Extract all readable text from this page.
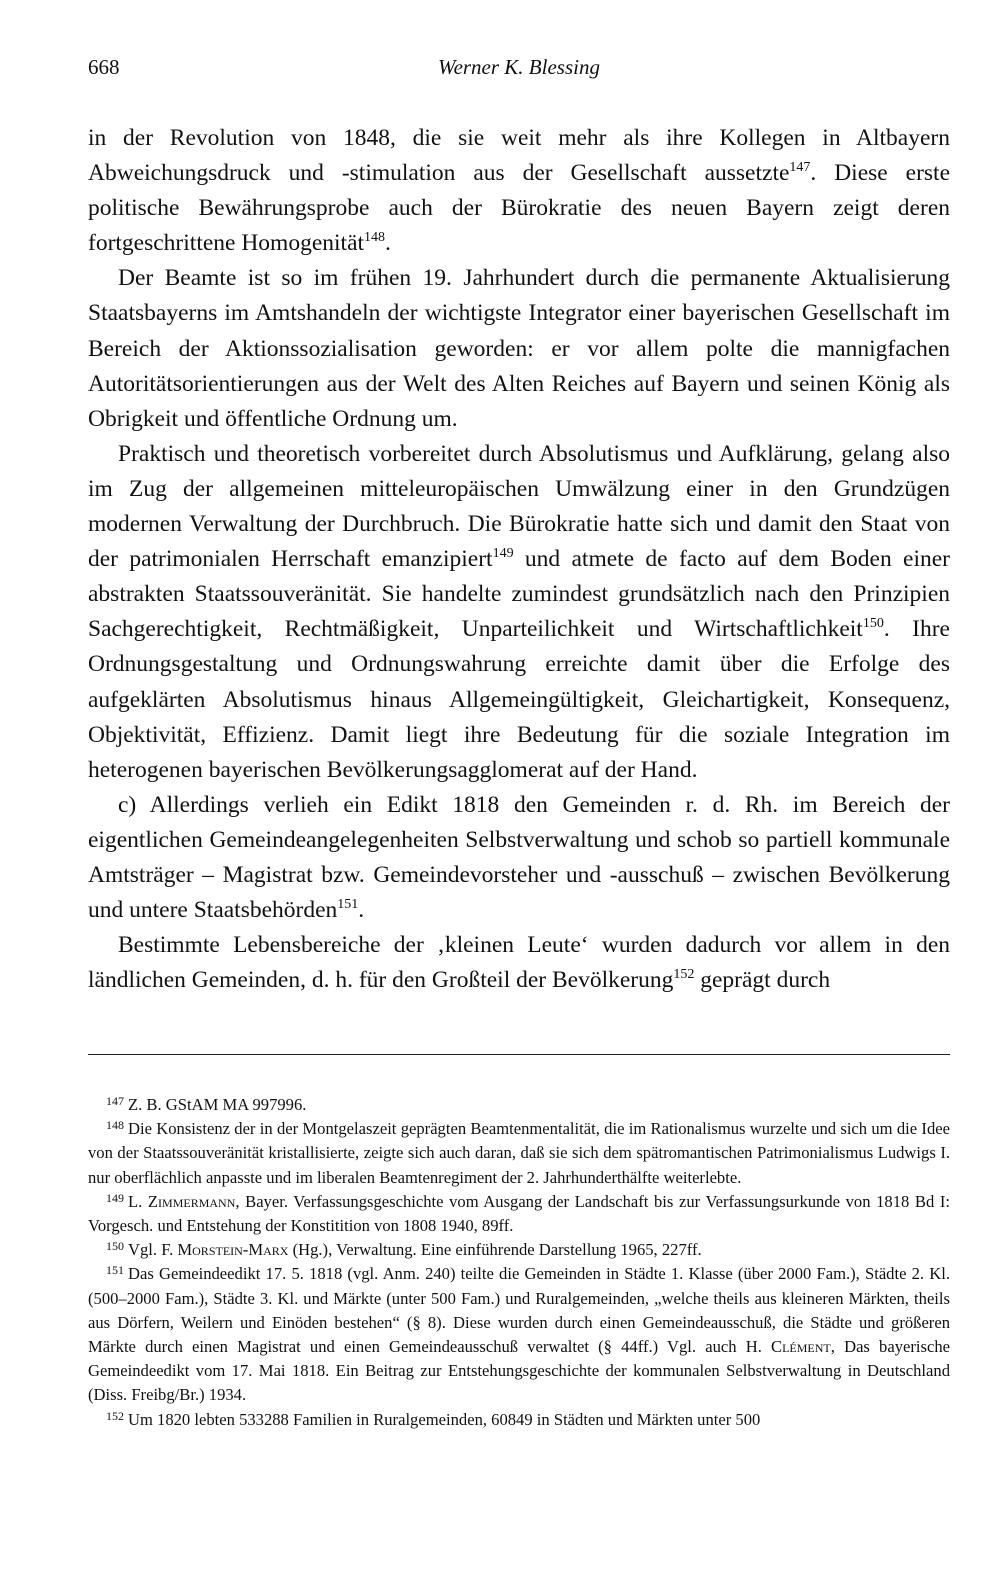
668	Werner K. Blessing

in der Revolution von 1848, die sie weit mehr als ihre Kollegen in Altbayern Abweichungsdruck und -stimulation aus der Gesellschaft aussetzte$^{147}$. Diese erste politische Bewährungsprobe auch der Bürokratie des neuen Bayern zeigt deren fortgeschrittene Homogenität$^{148}$.

Der Beamte ist so im frühen 19. Jahrhundert durch die permanente Aktualisierung Staatsbayerns im Amtshandeln der wichtigste Integrator einer bayerischen Gesellschaft im Bereich der Aktionssozialisation geworden: er vor allem polte die mannigfachen Autoritätsorientierungen aus der Welt des Alten Reiches auf Bayern und seinen König als Obrigkeit und öffentliche Ordnung um.

Praktisch und theoretisch vorbereitet durch Absolutismus und Aufklärung, gelang also im Zug der allgemeinen mitteleuropäischen Umwälzung einer in den Grundzügen modernen Verwaltung der Durchbruch. Die Bürokratie hatte sich und damit den Staat von der patrimonialen Herrschaft emanzipiert$^{149}$ und atmete de facto auf dem Boden einer abstrakten Staatssouveränität. Sie handelte zumindest grundsätzlich nach den Prinzipien Sachgerechtigkeit, Rechtmäßigkeit, Unparteilichkeit und Wirtschaftlichkeit$^{150}$. Ihre Ordnungsgestaltung und Ordnungswahrung erreichte damit über die Erfolge des aufgeklärten Absolutismus hinaus Allgemeingültigkeit, Gleichartigkeit, Konsequenz, Objektivität, Effizienz. Damit liegt ihre Bedeutung für die soziale Integration im heterogenen bayerischen Bevölkerungsagglomerat auf der Hand.

c) Allerdings verlieh ein Edikt 1818 den Gemeinden r. d. Rh. im Bereich der eigentlichen Gemeindeangelegenheiten Selbstverwaltung und schob so partiell kommunale Amtsträger – Magistrat bzw. Gemeindevorsteher und -ausschuß – zwischen Bevölkerung und untere Staatsbehörden$^{151}$.

Bestimmte Lebensbereiche der ‚kleinen Leute‘ wurden dadurch vor allem in den ländlichen Gemeinden, d. h. für den Großteil der Bevölkerung$^{152}$ geprägt durch

$^{147}$ Z. B. GStAM MA 997996.

$^{148}$ Die Konsistenz der in der Montgelaszeit geprägten Beamtenmentalität, die im Rationalismus wurzelte und sich um die Idee von der Staatssouveränität kristallisierte, zeigte sich auch daran, daß sie sich dem spätromantischen Patrimonialismus Ludwigs I. nur oberflächlich anpasste und im liberalen Beamtenregiment der 2. Jahrhunderthälfte weiterlebte.

$^{149}$ L. Zimmermann, Bayer. Verfassungsgeschichte vom Ausgang der Landschaft bis zur Verfassungsurkunde von 1818 Bd I: Vorgesch. und Entstehung der Konstitition von 1808 1940, 89ff.

$^{150}$ Vgl. F. Morstein-Marx (Hg.), Verwaltung. Eine einführende Darstellung 1965, 227ff.

$^{151}$ Das Gemeindeedikt 17. 5. 1818 (vgl. Anm. 240) teilte die Gemeinden in Städte 1. Klasse (über 2000 Fam.), Städte 2. Kl. (500–2000 Fam.), Städte 3. Kl. und Märkte (unter 500 Fam.) und Ruralgemeinden, „welche theils aus kleineren Märkten, theils aus Dörfern, Weilern und Einöden bestehen“ (§ 8). Diese wurden durch einen Gemeindeausschuß, die Städte und größeren Märkte durch einen Magistrat und einen Gemeindeausschuß verwaltet (§ 44ff.) Vgl. auch H. Clément, Das bayerische Gemeindeedikt vom 17. Mai 1818. Ein Beitrag zur Entstehungsgeschichte der kommunalen Selbstverwaltung in Deutschland (Diss. Freibg/Br.) 1934.

$^{152}$ Um 1820 lebten 533288 Familien in Ruralgemeinden, 60849 in Städten und Märkten unter 500
